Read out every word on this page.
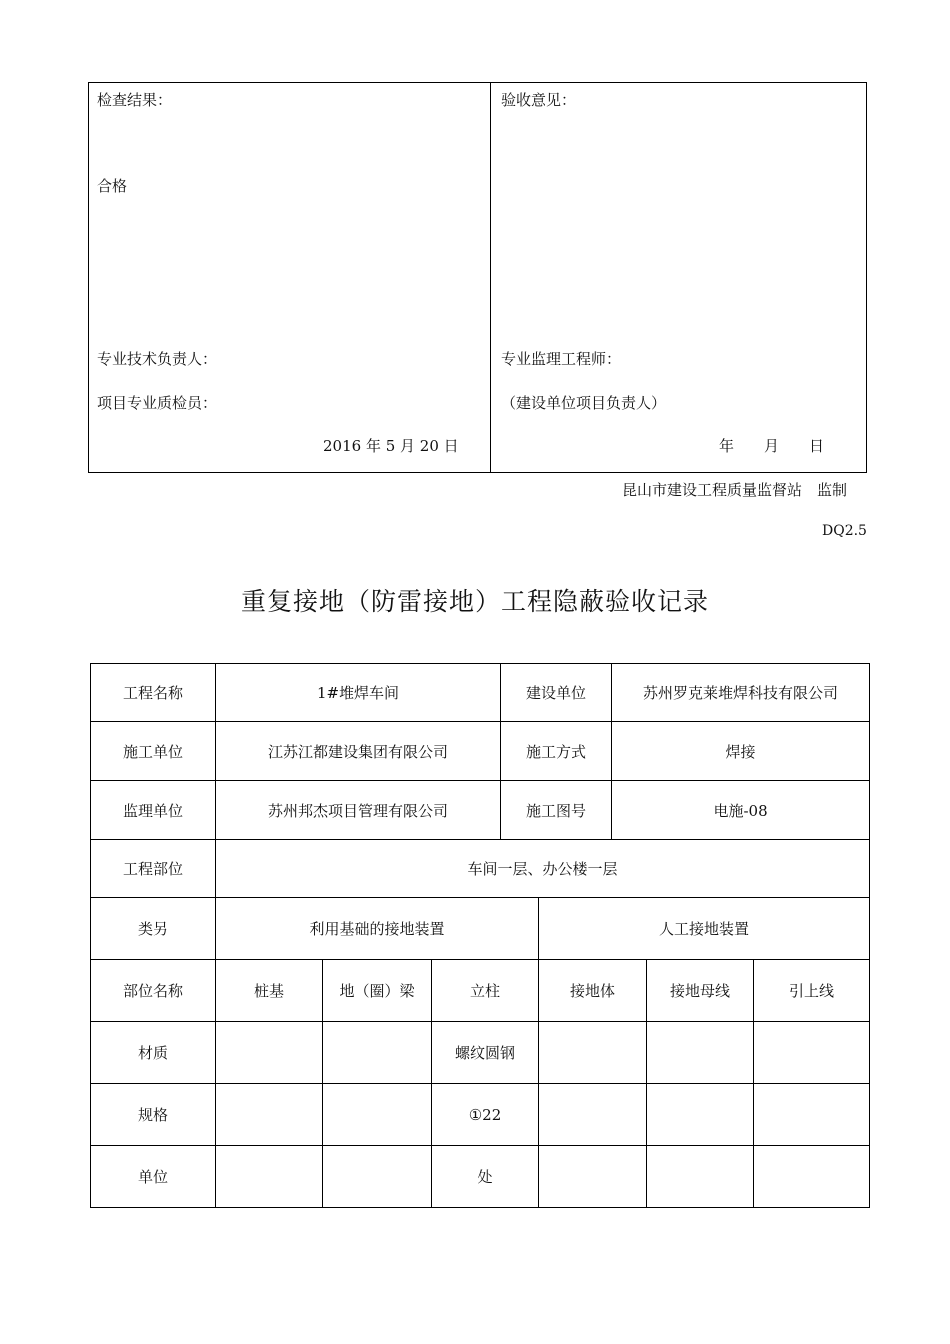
检查结果：
合格
专业技术负责人：
项目专业质检员：
2016 年 5 月 20 日
验收意见：
专业监理工程师：
（建设单位项目负责人）
年　　月　　日
昆山市建设工程质量监督站　监制
DQ2.5
重复接地（防雷接地）工程隐蔽验收记录
工程名称	1#堆焊车间			建设单位		苏州罗克莱堆焊科技有限公司		
施工单位	江苏江都建设集团有限公司			施工方式		焊接		
监理单位	苏州邦杰项目管理有限公司			施工图号		电施-08		
工程部位	车间一层、办公楼一层							
类另	利用基础的接地装置				人工接地装置			
部位名称	桩基	地（圈）梁	立柱		接地体		接地母线	引上线
材质			螺纹圆钢					
规格			①22					
单位			处					
